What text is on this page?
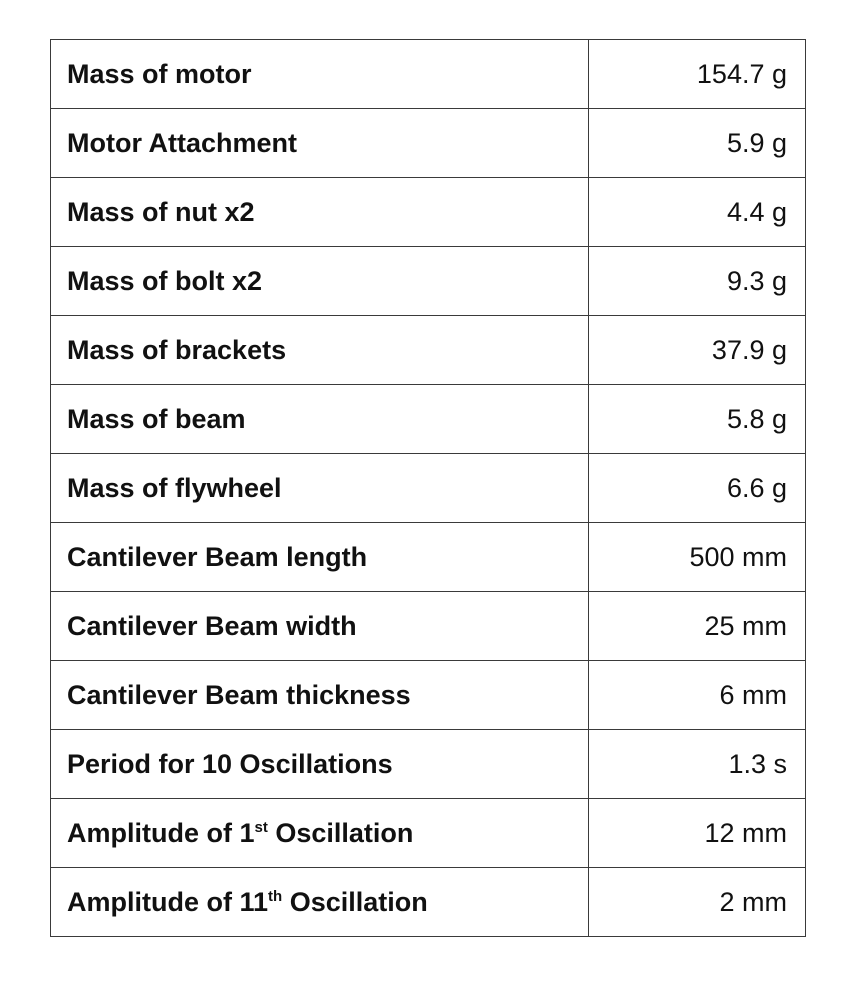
Mass of motor	154.7 g
Motor Attachment	5.9 g
Mass of nut x2	4.4 g
Mass of bolt x2	9.3 g
Mass of brackets	37.9 g
Mass of beam	5.8 g
Mass of flywheel	6.6 g
Cantilever Beam length	500 mm
Cantilever Beam width	25 mm
Cantilever Beam thickness	6 mm
Period for 10 Oscillations	1.3 s
Amplitude of 1st Oscillation	12 mm
Amplitude of 11th Oscillation	2 mm
